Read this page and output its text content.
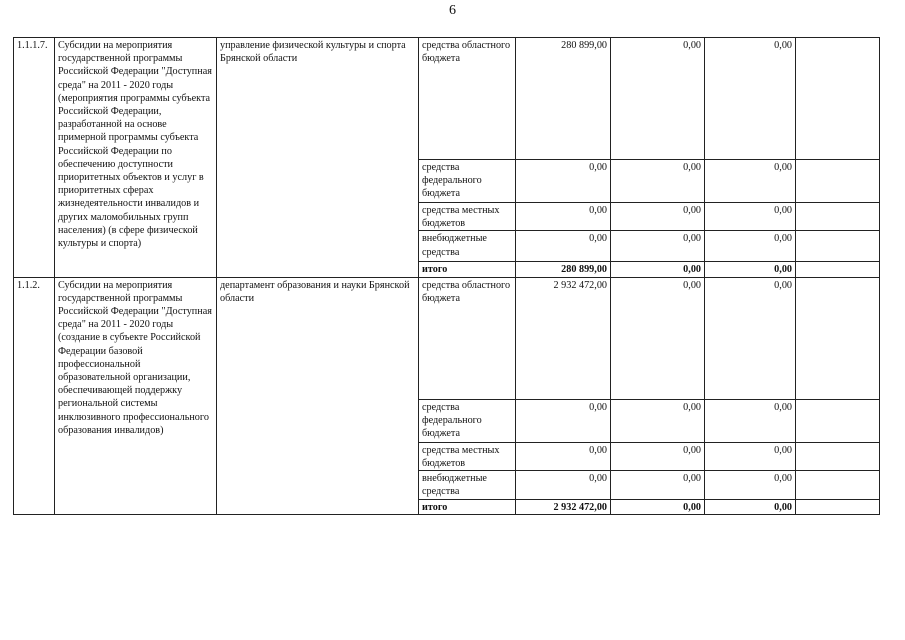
6
1.1.1.7.	Субсидии на мероприятия государственной программы Российской Федерации "Доступная среда" на 2011 - 2020 годы (мероприятия программы субъекта Российской Федерации, разработанной на основе примерной программы субъекта Российской Федерации по обеспечению доступности приоритетных объектов и услуг в приоритетных сферах жизнедеятельности инвалидов и других маломобильных групп населения) (в сфере физической культуры и спорта)	управление физической культуры и спорта Брянской области	средства областного бюджета	280 899,00	0,00	0,00	
			средства федерального бюджета	0,00	0,00	0,00	
			средства местных бюджетов	0,00	0,00	0,00	
			внебюджетные средства	0,00	0,00	0,00	
			итого	280 899,00	0,00	0,00	
1.1.2.	Субсидии на мероприятия государственной программы Российской Федерации "Доступная среда" на 2011 - 2020 годы (создание в субъекте Российской Федерации базовой профессиональной образовательной организации, обеспечивающей поддержку региональной системы инклюзивного профессионального образования инвалидов)	департамент образования и науки Брянской области	средства областного бюджета	2 932 472,00	0,00	0,00	
			средства федерального бюджета	0,00	0,00	0,00	
			средства местных бюджетов	0,00	0,00	0,00	
			внебюджетные средства	0,00	0,00	0,00	
			итого	2 932 472,00	0,00	0,00	
